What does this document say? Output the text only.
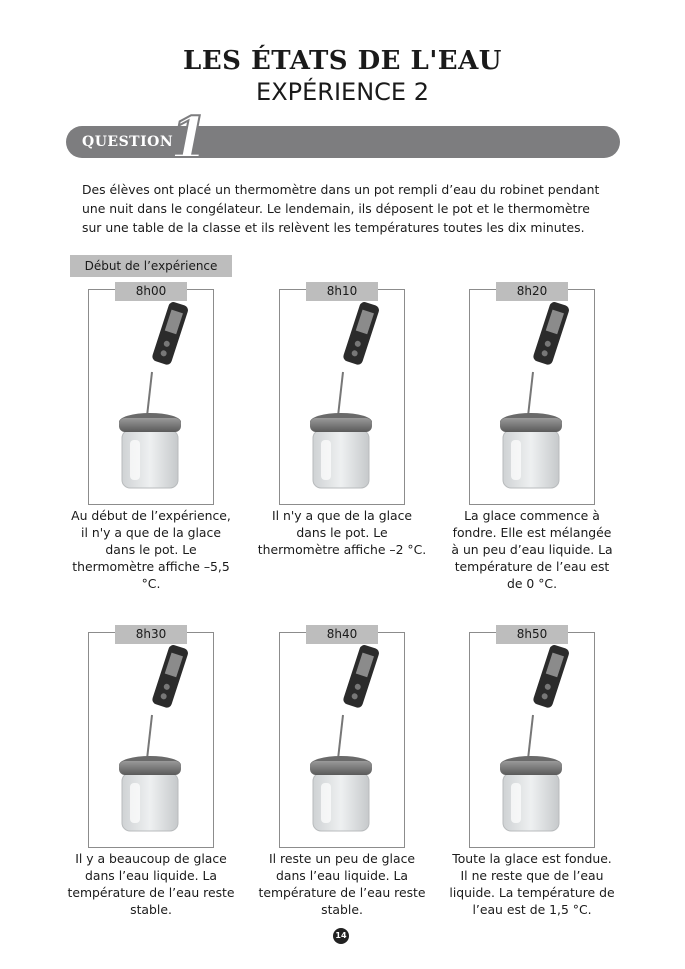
LES ÉTATS DE L'EAU
EXPÉRIENCE 2
QUESTION
1
Des élèves ont placé un thermomètre dans un pot rempli d’eau du robinet pendant une nuit dans le congélateur. Le lendemain, ils déposent le pot et le thermomètre sur une table de la classe et ils relèvent les températures toutes les dix minutes.
Début de l’expérience
8h00
Au début de l’expérience, il n'y a que de la glace dans le pot. Le thermomètre affiche –5,5 °C.
8h10
Il n'y a que de la glace dans le pot. Le thermomètre affiche –2 °C.
8h20
La glace commence à fondre. Elle est mélangée à un peu d’eau liquide. La température de l’eau est de 0 °C.
8h30
Il y a beaucoup de glace dans l’eau liquide. La température de l’eau reste stable.
8h40
Il reste un peu de glace dans l’eau liquide. La température de l’eau reste stable.
8h50
Toute la glace est fondue. Il ne reste que de l’eau liquide. La température de l’eau est de 1,5 °C.
14
